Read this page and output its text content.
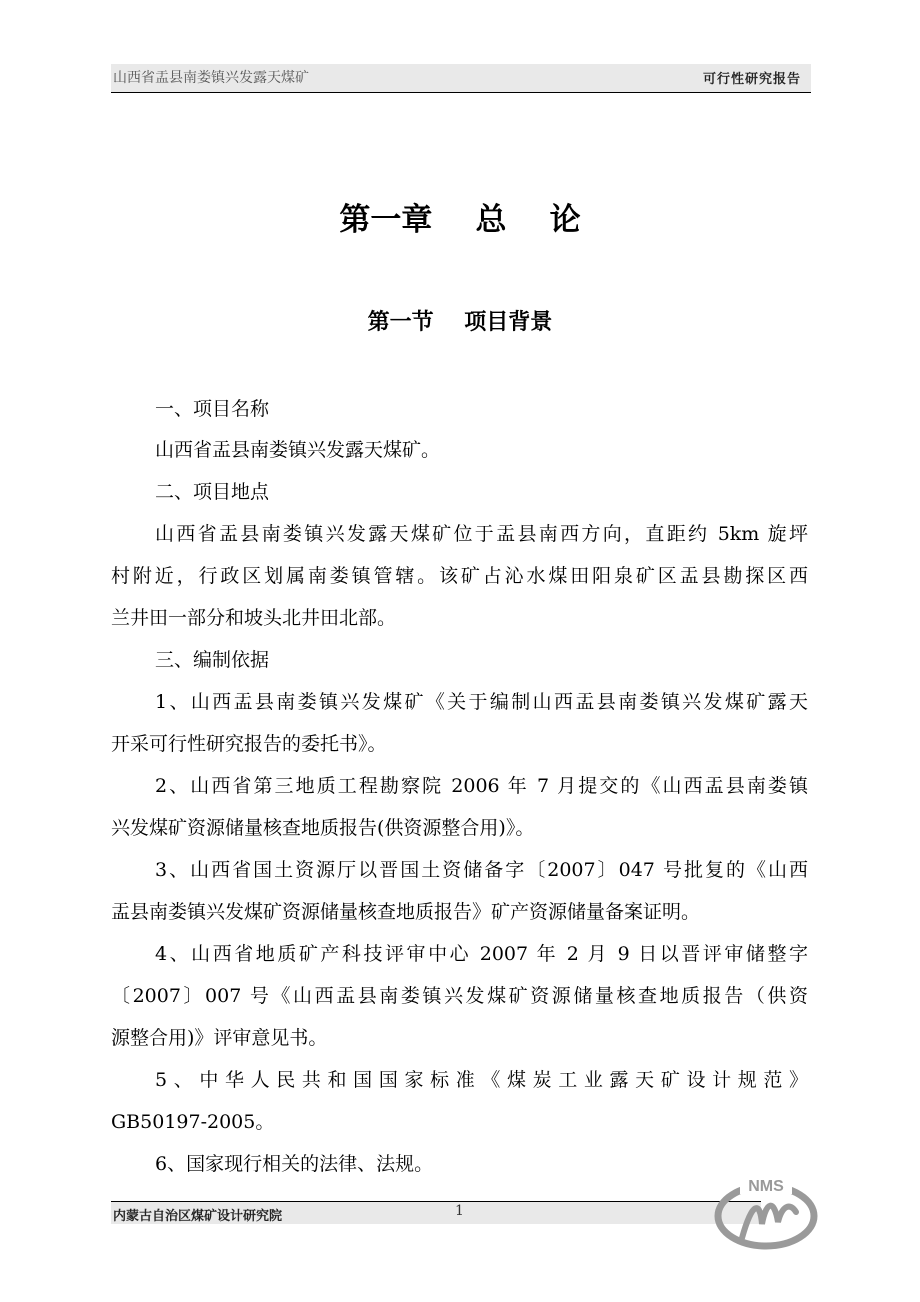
山西省盂县南娄镇兴发露天煤矿	可行性研究报告
第一章    总    论
第一节    项目背景
一、项目名称
山西省盂县南娄镇兴发露天煤矿。
二、项目地点
山西省盂县南娄镇兴发露天煤矿位于盂县南西方向，直距约 5km 旋坪
村附近，行政区划属南娄镇管辖。该矿占沁水煤田阳泉矿区盂县勘探区西
兰井田一部分和坡头北井田北部。
三、编制依据
1、山西盂县南娄镇兴发煤矿《关于编制山西盂县南娄镇兴发煤矿露天
开采可行性研究报告的委托书》。
2、山西省第三地质工程勘察院 2006 年 7 月提交的《山西盂县南娄镇
兴发煤矿资源储量核查地质报告(供资源整合用)》。
3、山西省国土资源厅以晋国土资储备字〔2007〕047 号批复的《山西
盂县南娄镇兴发煤矿资源储量核查地质报告》矿产资源储量备案证明。
4、山西省地质矿产科技评审中心 2007 年 2 月 9 日以晋评审储整字
〔2007〕007 号《山西盂县南娄镇兴发煤矿资源储量核查地质报告（供资
源整合用)》评审意见书。
5、中华人民共和国国家标准《煤炭工业露天矿设计规范》
GB50197-2005。
6、国家现行相关的法律、法规。
内蒙古自治区煤矿设计研究院	1
NMS
